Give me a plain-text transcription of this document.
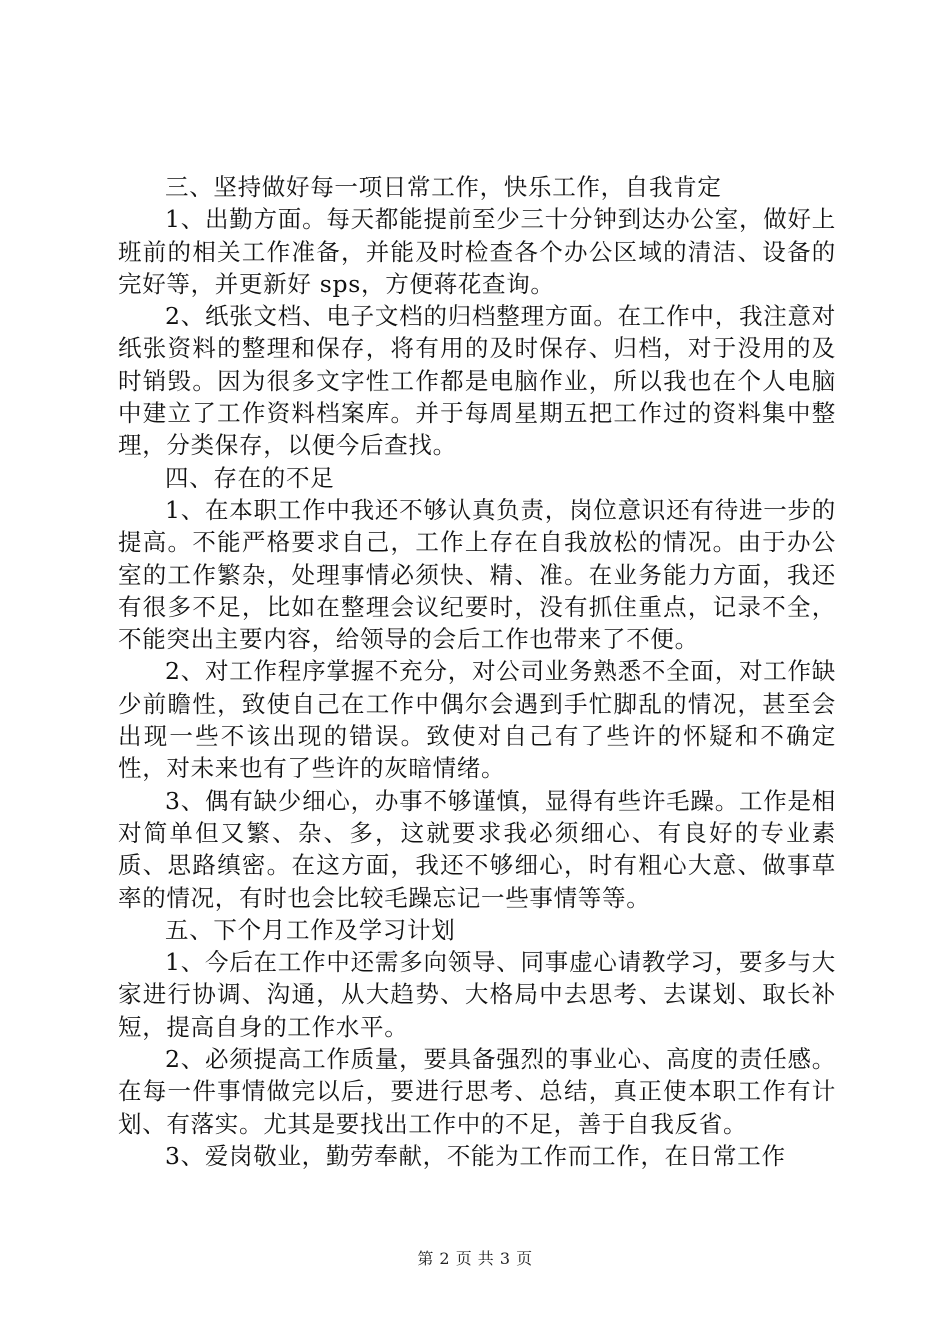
三、坚持做好每一项日常工作，快乐工作，自我肯定

1、出勤方面。每天都能提前至少三十分钟到达办公室，做好上班前的相关工作准备，并能及时检查各个办公区域的清洁、设备的完好等，并更新好 sps，方便蒋花查询。

2、纸张文档、电子文档的归档整理方面。在工作中，我注意对纸张资料的整理和保存，将有用的及时保存、归档，对于没用的及时销毁。因为很多文字性工作都是电脑作业，所以我也在个人电脑中建立了工作资料档案库。并于每周星期五把工作过的资料集中整理，分类保存，以便今后查找。

四、存在的不足

1、在本职工作中我还不够认真负责，岗位意识还有待进一步的提高。不能严格要求自己，工作上存在自我放松的情况。由于办公室的工作繁杂，处理事情必须快、精、准。在业务能力方面，我还有很多不足，比如在整理会议纪要时，没有抓住重点，记录不全，不能突出主要内容，给领导的会后工作也带来了不便。

2、对工作程序掌握不充分，对公司业务熟悉不全面，对工作缺少前瞻性，致使自己在工作中偶尔会遇到手忙脚乱的情况，甚至会出现一些不该出现的错误。致使对自己有了些许的怀疑和不确定性，对未来也有了些许的灰暗情绪。

3、偶有缺少细心，办事不够谨慎，显得有些许毛躁。工作是相对简单但又繁、杂、多，这就要求我必须细心、有良好的专业素质、思路缜密。在这方面，我还不够细心，时有粗心大意、做事草率的情况，有时也会比较毛躁忘记一些事情等等。

五、下个月工作及学习计划

1、今后在工作中还需多向领导、同事虚心请教学习，要多与大家进行协调、沟通，从大趋势、大格局中去思考、去谋划、取长补短，提高自身的工作水平。

2、必须提高工作质量，要具备强烈的事业心、高度的责任感。在每一件事情做完以后，要进行思考、总结，真正使本职工作有计划、有落实。尤其是要找出工作中的不足，善于自我反省。

3、爱岗敬业，勤劳奉献，不能为工作而工作，在日常工作

第 2 页 共 3 页
